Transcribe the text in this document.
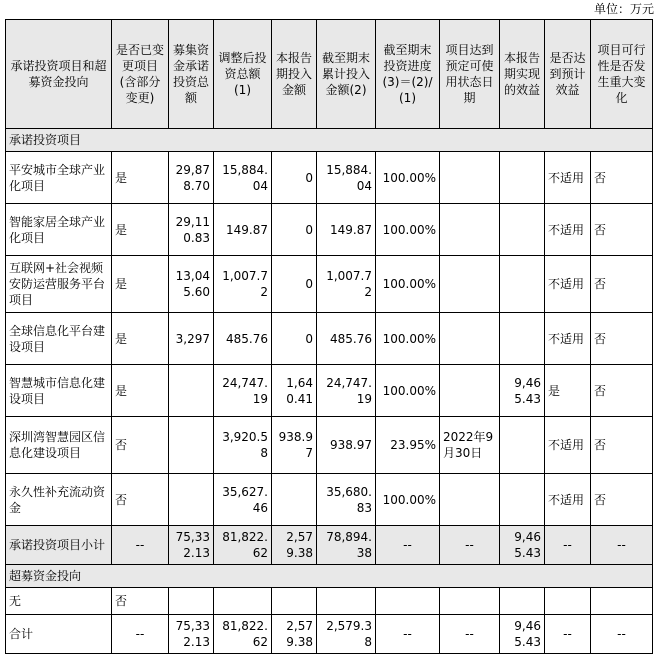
单位：万元
承诺投资项目和超募资金投向	是否已变更项目(含部分变更)	募集资金承诺投资总额	调整后投资总额(1)	本报告期投入金额	截至期末累计投入金额(2)	截至期末投资进度(3)＝(2)/(1)	项目达到预定可使用状态日期	本报告期实现的效益	是否达到预计效益	项目可行性是否发生重大变化
承诺投资项目										
平安城市全球产业化项目	是	29,878.70	15,884.04	0	15,884.04	100.00%			不适用	否
智能家居全球产业化项目	是	29,110.83	149.87	0	149.87	100.00%			不适用	否
互联网+社会视频安防运营服务平台项目	是	13,045.60	1,007.72	0	1,007.72	100.00%			不适用	否
全球信息化平台建设项目	是	3,297	485.76	0	485.76	100.00%			不适用	否
智慧城市信息化建设项目	是		24,747.19	1,640.41	24,747.19	100.00%		9,465.43	是	否
深圳湾智慧园区信息化建设项目	否		3,920.58	938.97	938.97	23.95%	2022年9月30日		不适用	否
永久性补充流动资金	否		35,627.46		35,680.83	100.00%			不适用	否
承诺投资项目小计	--	75,332.13	81,822.62	2,579.38	78,894.38	--	--	9,465.43	--	--
超募资金投向										
无	否									
合计	--	75,332.13	81,822.62	2,579.38	2,579.38	--	--	9,465.43	--	--
